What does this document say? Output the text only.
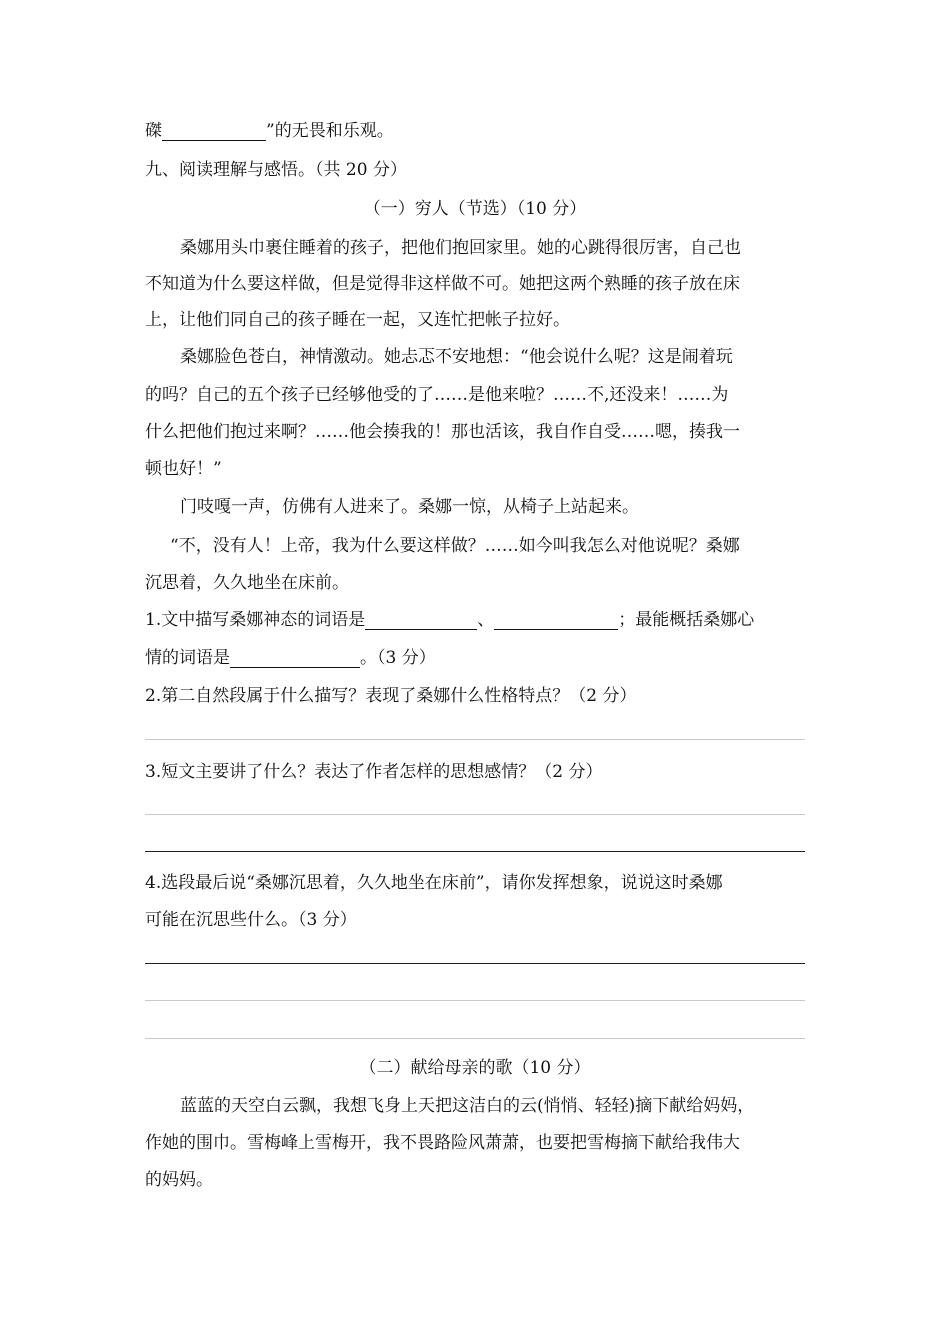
磔	”的无畏和乐观。
九、阅读理解与感悟。（共 20 分）
（一）穷人（节选）（10 分）
桑娜用头巾裹住睡着的孩子，把他们抱回家里。她的心跳得很厉害，自己也
不知道为什么要这样做，但是觉得非这样做不可。她把这两个熟睡的孩子放在床
上，让他们同自己的孩子睡在一起，又连忙把帐子拉好。
桑娜脸色苍白，神情激动。她忐忑不安地想：“他会说什么呢？这是闹着玩
的吗？自己的五个孩子已经够他受的了……是他来啦？……不,还没来！……为
什么把他们抱过来啊？……他会揍我的！那也活该，我自作自受……嗯，揍我一
顿也好！”
门吱嘎一声，仿佛有人进来了。桑娜一惊，从椅子上站起来。
“不，没有人！上帝，我为什么要这样做？……如今叫我怎么对他说呢？桑娜
沉思着，久久地坐在床前。
1.文中描写桑娜神态的词语是	、	；最能概括桑娜心
情的词语是	。（3 分）
2.第二自然段属于什么描写？表现了桑娜什么性格特点？（2 分）
3.短文主要讲了什么？表达了作者怎样的思想感情？（2 分）
4.选段最后说“桑娜沉思着，久久地坐在床前”，请你发挥想象，说说这时桑娜
可能在沉思些什么。（3 分）
（二）献给母亲的歌（10 分）
蓝蓝的天空白云飘，我想飞身上天把这洁白的云(悄悄、轻轻)摘下献给妈妈，
作她的围巾。雪梅峰上雪梅开，我不畏路险风萧萧，也要把雪梅摘下献给我伟大
的妈妈。
